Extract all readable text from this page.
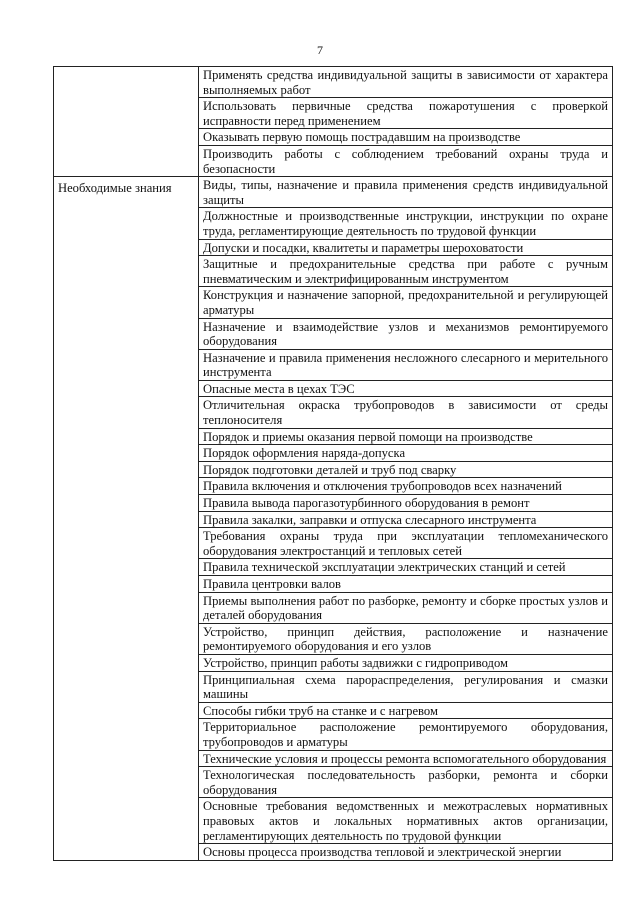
7
	Применять средства индивидуальной защиты в зависимости от характера выполняемых работ
	Использовать первичные средства пожаротушения с проверкой исправности перед применением
	Оказывать первую помощь пострадавшим на производстве
	Производить работы с соблюдением требований охраны труда и безопасности

Необходимые знания	Виды, типы, назначение и правила применения средств индивидуальной защиты
	Должностные и производственные инструкции, инструкции по охране труда, регламентирующие деятельность по трудовой функции
	Допуски и посадки, квалитеты и параметры шероховатости
	Защитные и предохранительные средства при работе с ручным пневматическим и электрифицированным инструментом
	Конструкция и назначение запорной, предохранительной и регулирующей арматуры
	Назначение и взаимодействие узлов и механизмов ремонтируемого оборудования
	Назначение и правила применения несложного слесарного и мерительного инструмента
	Опасные места в цехах ТЭС
	Отличительная окраска трубопроводов в зависимости от среды теплоносителя
	Порядок и приемы оказания первой помощи на производстве
	Порядок оформления наряда-допуска
	Порядок подготовки деталей и труб под сварку
	Правила включения и отключения трубопроводов всех назначений
	Правила вывода парогазотурбинного оборудования в ремонт
	Правила закалки, заправки и отпуска слесарного инструмента
	Требования охраны труда при эксплуатации тепломеханического оборудования электростанций и тепловых сетей
	Правила технической эксплуатации электрических станций и сетей
	Правила центровки валов
	Приемы выполнения работ по разборке, ремонту и сборке простых узлов и деталей оборудования
	Устройство, принцип действия, расположение и назначение ремонтируемого оборудования и его узлов
	Устройство, принцип работы задвижки с гидроприводом
	Принципиальная схема парораспределения, регулирования и смазки машины
	Способы гибки труб на станке и с нагревом
	Территориальное расположение ремонтируемого оборудования, трубопроводов и арматуры
	Технические условия и процессы ремонта вспомогательного оборудования
	Технологическая последовательность разборки, ремонта и сборки оборудования
	Основные требования ведомственных и межотраслевых нормативных правовых актов и локальных нормативных актов организации, регламентирующих деятельность по трудовой функции
	Основы процесса производства тепловой и электрической энергии
